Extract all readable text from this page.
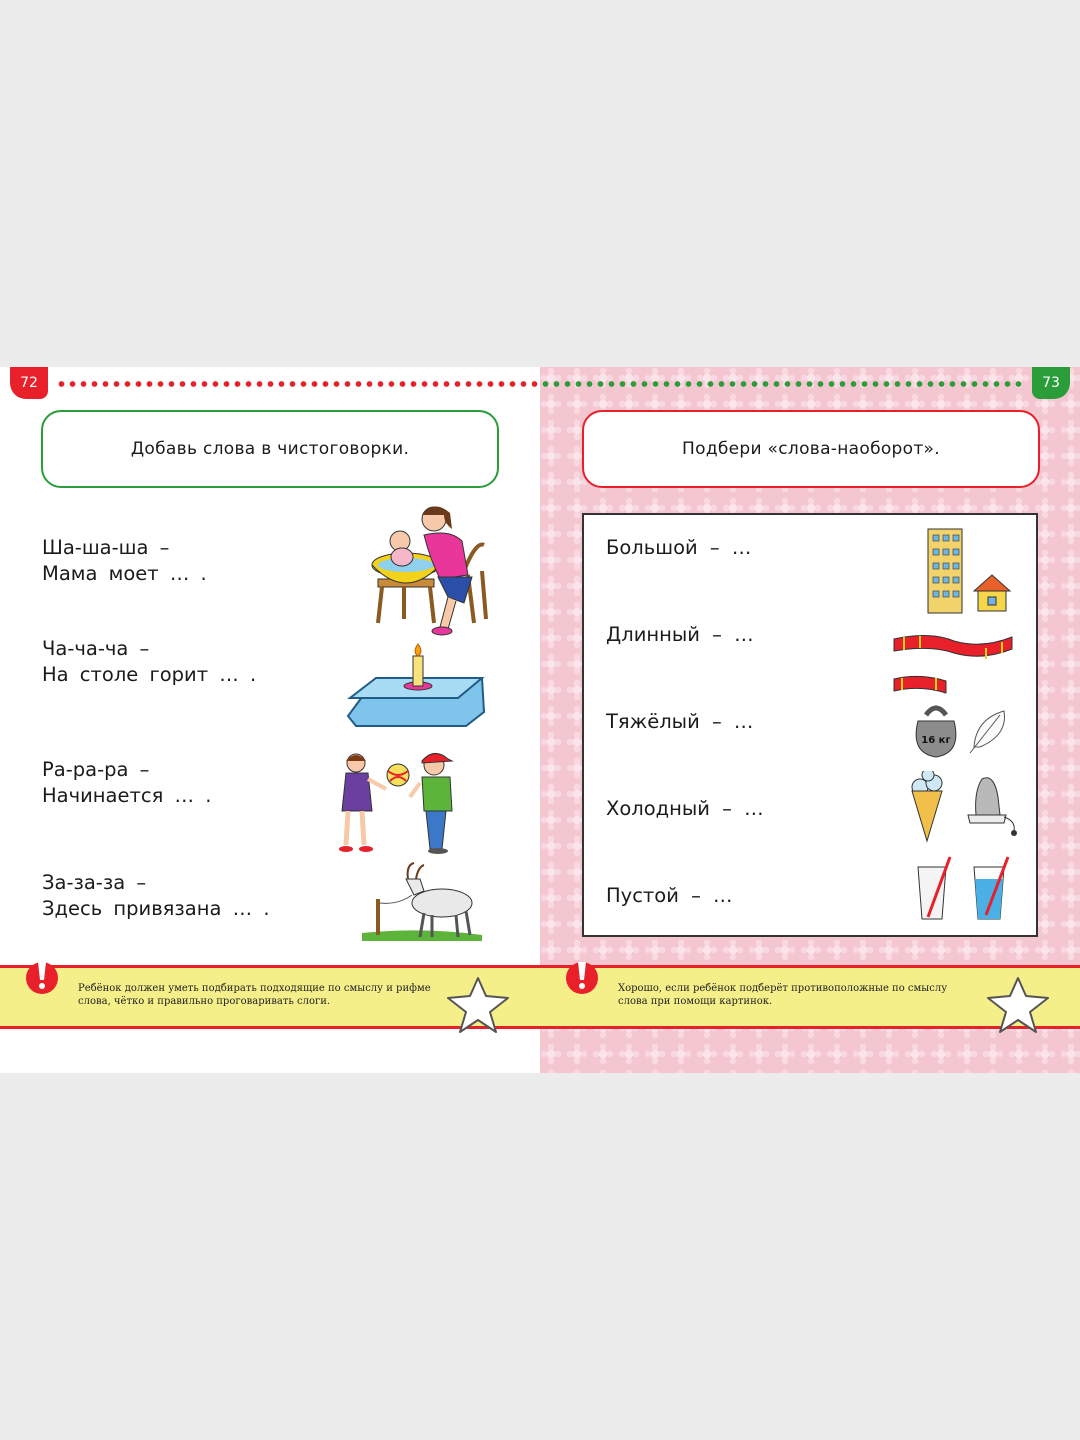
72
Добавь слова в чистоговорки.
Ша-ша-ша –
Мама моет … .
Ча-ча-ча –
На столе горит … .
Ра-ра-ра –
Начинается … .
За-за-за –
Здесь привязана … .
Ребёнок должен уметь подбирать подходящие по смыслу и рифме слова, чётко и правильно проговаривать слоги.
73
Подбери «слова-наоборот».
Большой – …
Длинный – …
Тяжёлый – …
Холодный – …
Пустой – …
16 кг
Хорошо, если ребёнок подберёт противоположные по смыслу слова при помощи картинок.
